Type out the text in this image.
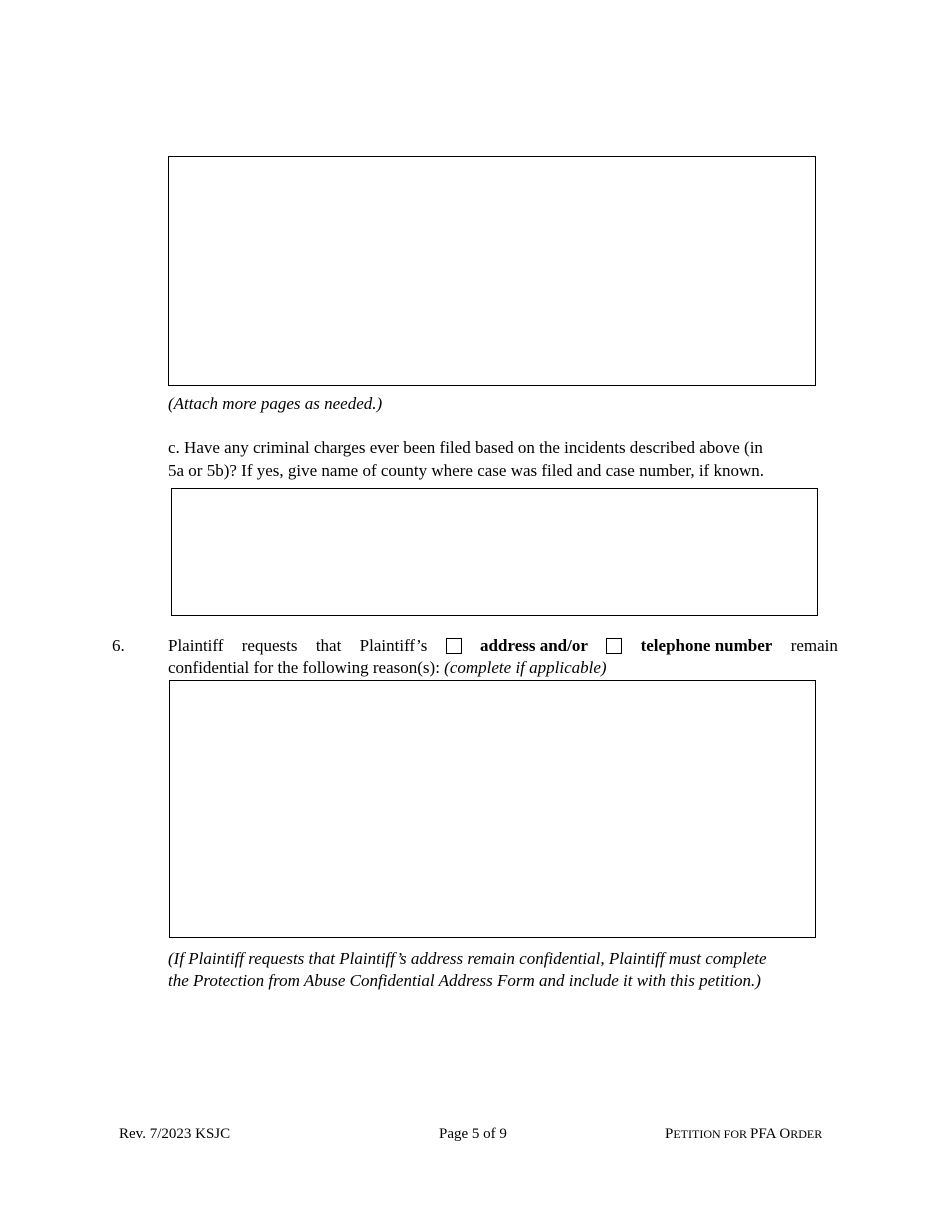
(Attach more pages as needed.)
c. Have any criminal charges ever been filed based on the incidents described above (in
5a or 5b)? If yes, give name of county where case was filed and case number, if known.
6.	Plaintiff requests that Plaintiff’s	address and/or	telephone number remain
confidential for the following reason(s): (complete if applicable)
(If Plaintiff requests that Plaintiff’s address remain confidential, Plaintiff must complete
the Protection from Abuse Confidential Address Form and include it with this petition.)
Rev. 7/2023 KSJC	Page 5 of 9	PETITION FOR PFA ORDER
